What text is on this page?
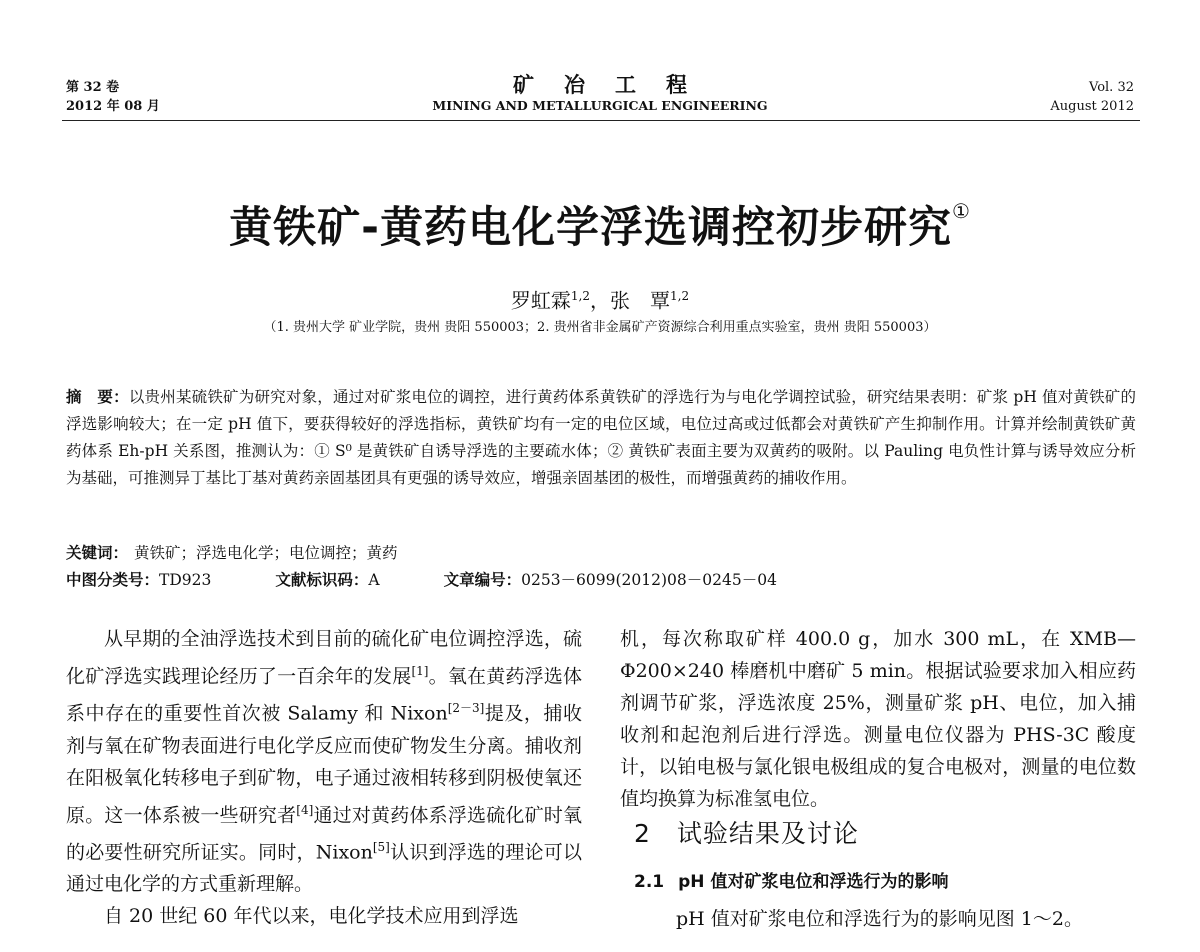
第 32 卷
2012 年 08 月
矿冶工程
MINING AND METALLURGICAL ENGINEERING
Vol. 32
August 2012
黄铁矿-黄药电化学浮选调控初步研究①
罗虹霖$^{1,2}$，张　覃$^{1,2}$
（1. 贵州大学 矿业学院，贵州 贵阳 550003；2. 贵州省非金属矿产资源综合利用重点实验室，贵州 贵阳 550003）
摘　要：以贵州某硫铁矿为研究对象，通过对矿浆电位的调控，进行黄药体系黄铁矿的浮选行为与电化学调控试验，研究结果表明：矿浆 pH 值对黄铁矿的浮选影响较大；在一定 pH 值下，要获得较好的浮选指标，黄铁矿均有一定的电位区域，电位过高或过低都会对黄铁矿产生抑制作用。计算并绘制黄铁矿黄药体系 Eh-pH 关系图，推测认为：① S⁰ 是黄铁矿自诱导浮选的主要疏水体；② 黄铁矿表面主要为双黄药的吸附。以 Pauling 电负性计算与诱导效应分析为基础，可推测异丁基比丁基对黄药亲固基团具有更强的诱导效应，增强亲固基团的极性，而增强黄药的捕收作用。
关键词： 黄铁矿；浮选电化学；电位调控；黄药
中图分类号：TD923	文献标识码：A	文章编号：0253－6099(2012)08－0245－04
从早期的全油浮选技术到目前的硫化矿电位调控浮选，硫化矿浮选实践理论经历了一百余年的发展[1]。氧在黄药浮选体系中存在的重要性首次被 Salamy 和 Nixon[2－3]提及，捕收剂与氧在矿物表面进行电化学反应而使矿物发生分离。捕收剂在阳极氧化转移电子到矿物，电子通过液相转移到阴极使氧还原。这一体系被一些研究者[4]通过对黄药体系浮选硫化矿时氧的必要性研究所证实。同时，Nixon[5]认识到浮选的理论可以通过电化学的方式重新理解。
自 20 世纪 60 年代以来，电化学技术应用到浮选
机，每次称取矿样 400.0 g，加水 300 mL，在 XMB—Φ200×240 棒磨机中磨矿 5 min。根据试验要求加入相应药剂调节矿浆，浮选浓度 25%，测量矿浆 pH、电位，加入捕收剂和起泡剂后进行浮选。测量电位仪器为 PHS-3C 酸度计，以铂电极与氯化银电极组成的复合电极对，测量的电位数值均换算为标准氢电位。
2 试验结果及讨论
2.1 pH 值对矿浆电位和浮选行为的影响
pH 值对矿浆电位和浮选行为的影响见图 1～2。
